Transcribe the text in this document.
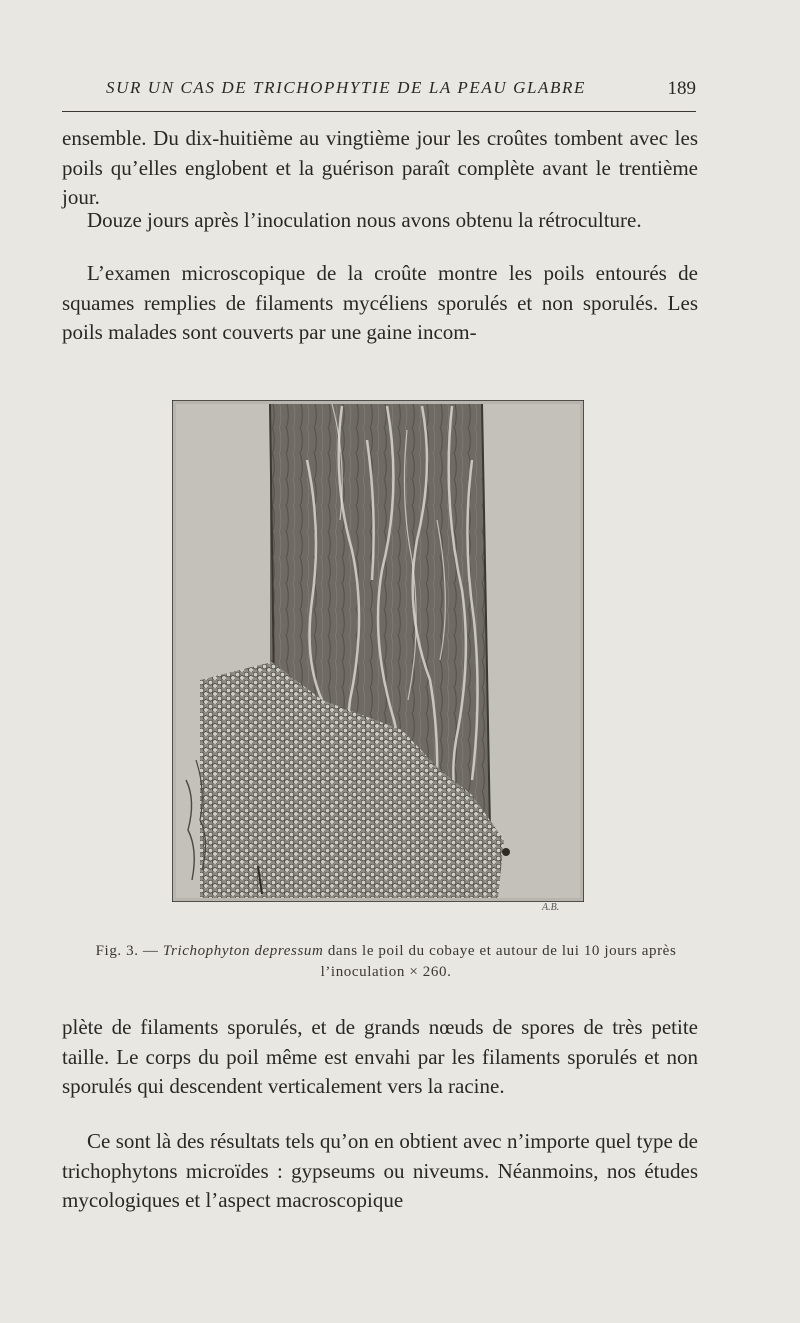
SUR UN CAS DE TRICHOPHYTIE DE LA PEAU GLABRE	189

ensemble. Du dix-huitième au vingtième jour les croûtes tombent avec les poils qu’elles englobent et la guérison paraît complète avant le trentième jour.

Douze jours après l’inoculation nous avons obtenu la rétroculture.

L’examen microscopique de la croûte montre les poils entourés de squames remplies de filaments mycéliens sporulés et non sporulés. Les poils malades sont couverts par une gaine incom-

A.B.
Fig. 3. — Trichophyton depressum dans le poil du cobaye et autour de lui 10 jours après l’inoculation × 260.

plète de filaments sporulés, et de grands nœuds de spores de très petite taille. Le corps du poil même est envahi par les filaments sporulés et non sporulés qui descendent verticalement vers la racine.

Ce sont là des résultats tels qu’on en obtient avec n’importe quel type de trichophytons microïdes : gypseums ou niveums. Néanmoins, nos études mycologiques et l’aspect macroscopique
